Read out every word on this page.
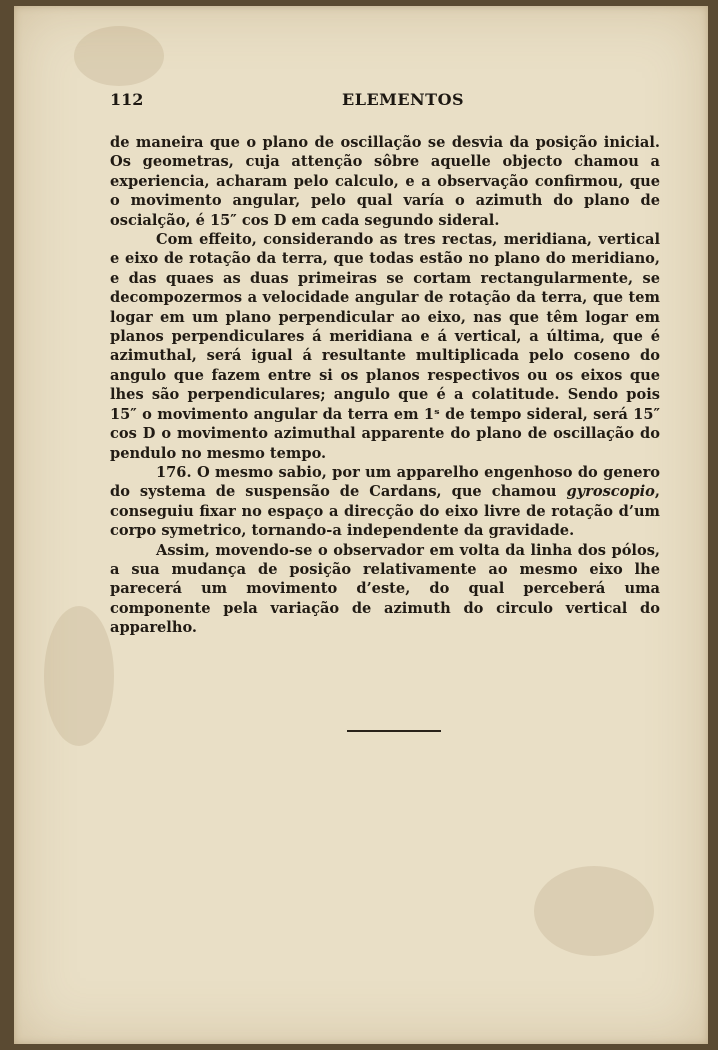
112	ELEMENTOS

de maneira que o plano de oscillação se desvia da posição inicial. Os geometras, cuja attenção sôbre aquelle objecto chamou a experiencia, acharam pelo calculo, e a observação confirmou, que o movimento angular, pelo qual varía o azimuth do plano de oscialção, é 15″ cos D em cada segundo sideral.

Com effeito, considerando as tres rectas, meridiana, vertical e eixo de rotação da terra, que todas estão no plano do meridiano, e das quaes as duas primeiras se cortam rectangularmente, se decompozermos a velocidade angular de rotação da terra, que tem logar em um plano perpendicular ao eixo, nas que têm logar em planos perpendiculares á meridiana e á vertical, a última, que é azimuthal, será igual á resultante multiplicada pelo coseno do angulo que fazem entre si os planos respectivos ou os eixos que lhes são perpendiculares; angulo que é a colatitude. Sendo pois 15″ o movimento angular da terra em 1ˢ de tempo sideral, será 15″ cos D o movimento azimuthal apparente do plano de oscillação do pendulo no mesmo tempo.

176. O mesmo sabio, por um apparelho engenhoso do genero do systema de suspensão de Cardans, que chamou gyroscopio, conseguiu fixar no espaço a direcção do eixo livre de rotação d’um corpo symetrico, tornando-a independente da gravidade.

Assim, movendo-se o observador em volta da linha dos pólos, a sua mudança de posição relativamente ao mesmo eixo lhe parecerá um movimento d’este, do qual perceberá uma componente pela variação de azimuth do circulo vertical do apparelho.
